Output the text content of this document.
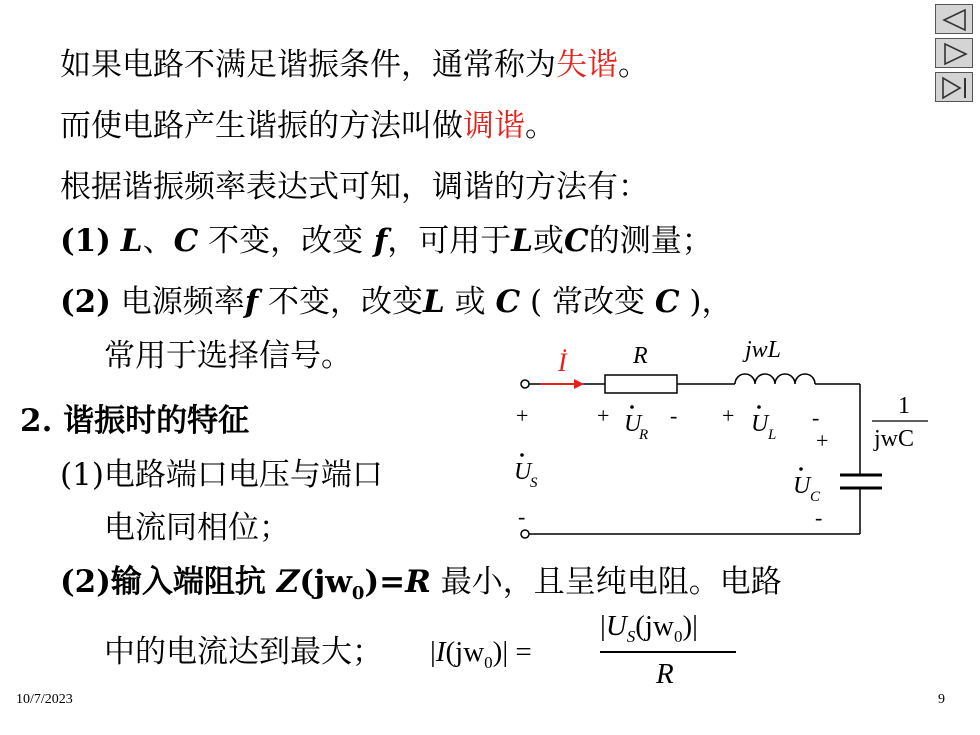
如果电路不满足谐振条件，通常称为失谐。
而使电路产生谐振的方法叫做调谐。
根据谐振频率表达式可知，调谐的方法有：
(1) L、C 不变，改变 f，可用于L或C的测量；
(2) 电源频率f 不变，改变L 或 C ( 常改变 C )，
常用于选择信号。
2. 谐振时的特征
(1)电路端口电压与端口
电流同相位；
(2)输入端阻抗 $Z(jw_0)=R$ 最小，且呈纯电阻。电路
中的电流达到最大； $|I(jw_0)|$ =
$|U_S(jw_0)|$
R
İ	R	jwL
1
jwC
+ U
R
- + U L
-
+
U
S
-
+
U C
-
10/7/2023	9
